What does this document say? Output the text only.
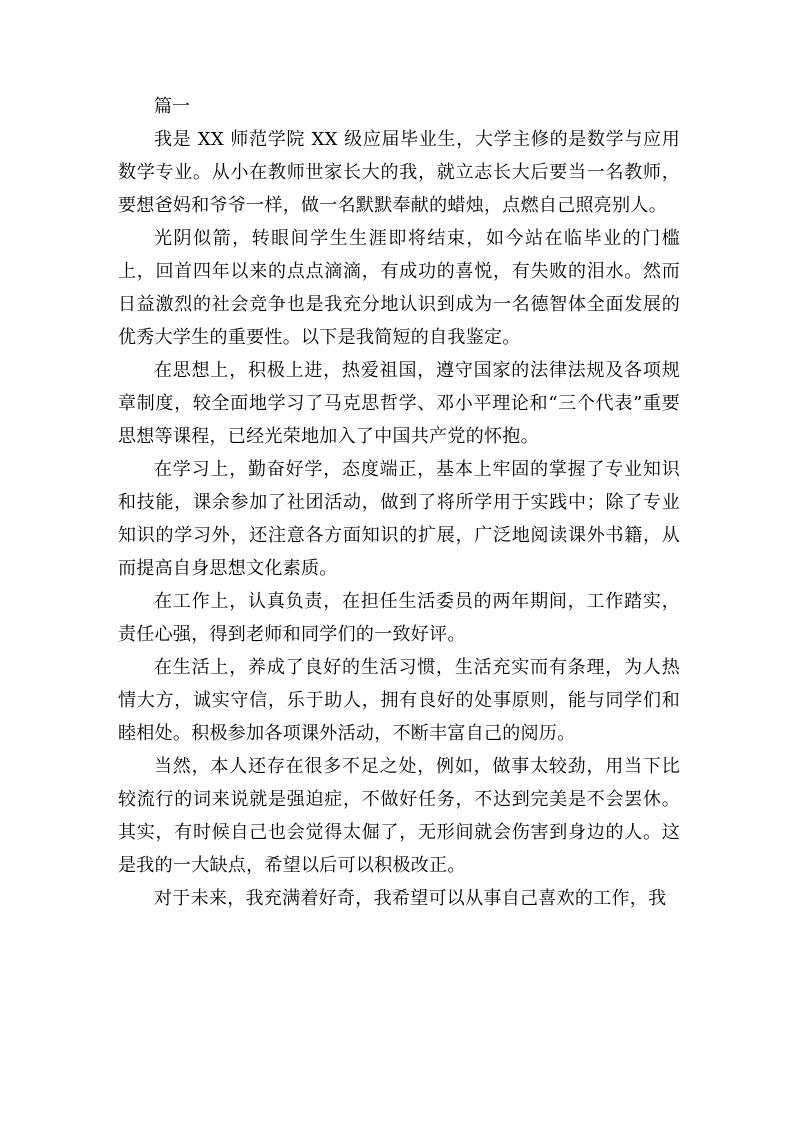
篇一

我是 XX 师范学院 XX 级应届毕业生，大学主修的是数学与应用数学专业。从小在教师世家长大的我，就立志长大后要当一名教师，要想爸妈和爷爷一样，做一名默默奉献的蜡烛，点燃自己照亮别人。

光阴似箭，转眼间学生生涯即将结束，如今站在临毕业的门槛上，回首四年以来的点点滴滴，有成功的喜悦，有失败的泪水。然而日益激烈的社会竞争也是我充分地认识到成为一名德智体全面发展的优秀大学生的重要性。以下是我简短的自我鉴定。

在思想上，积极上进，热爱祖国，遵守国家的法律法规及各项规章制度，较全面地学习了马克思哲学、邓小平理论和“三个代表”重要思想等课程，已经光荣地加入了中国共产党的怀抱。

在学习上，勤奋好学，态度端正，基本上牢固的掌握了专业知识和技能，课余参加了社团活动，做到了将所学用于实践中；除了专业知识的学习外，还注意各方面知识的扩展，广泛地阅读课外书籍，从而提高自身思想文化素质。

在工作上，认真负责，在担任生活委员的两年期间，工作踏实，责任心强，得到老师和同学们的一致好评。

在生活上，养成了良好的生活习惯，生活充实而有条理，为人热情大方，诚实守信，乐于助人，拥有良好的处事原则，能与同学们和睦相处。积极参加各项课外活动，不断丰富自己的阅历。

当然，本人还存在很多不足之处，例如，做事太较劲，用当下比较流行的词来说就是强迫症，不做好任务，不达到完美是不会罢休。其实，有时候自己也会觉得太倔了，无形间就会伤害到身边的人。这是我的一大缺点，希望以后可以积极改正。

对于未来，我充满着好奇，我希望可以从事自己喜欢的工作，我
